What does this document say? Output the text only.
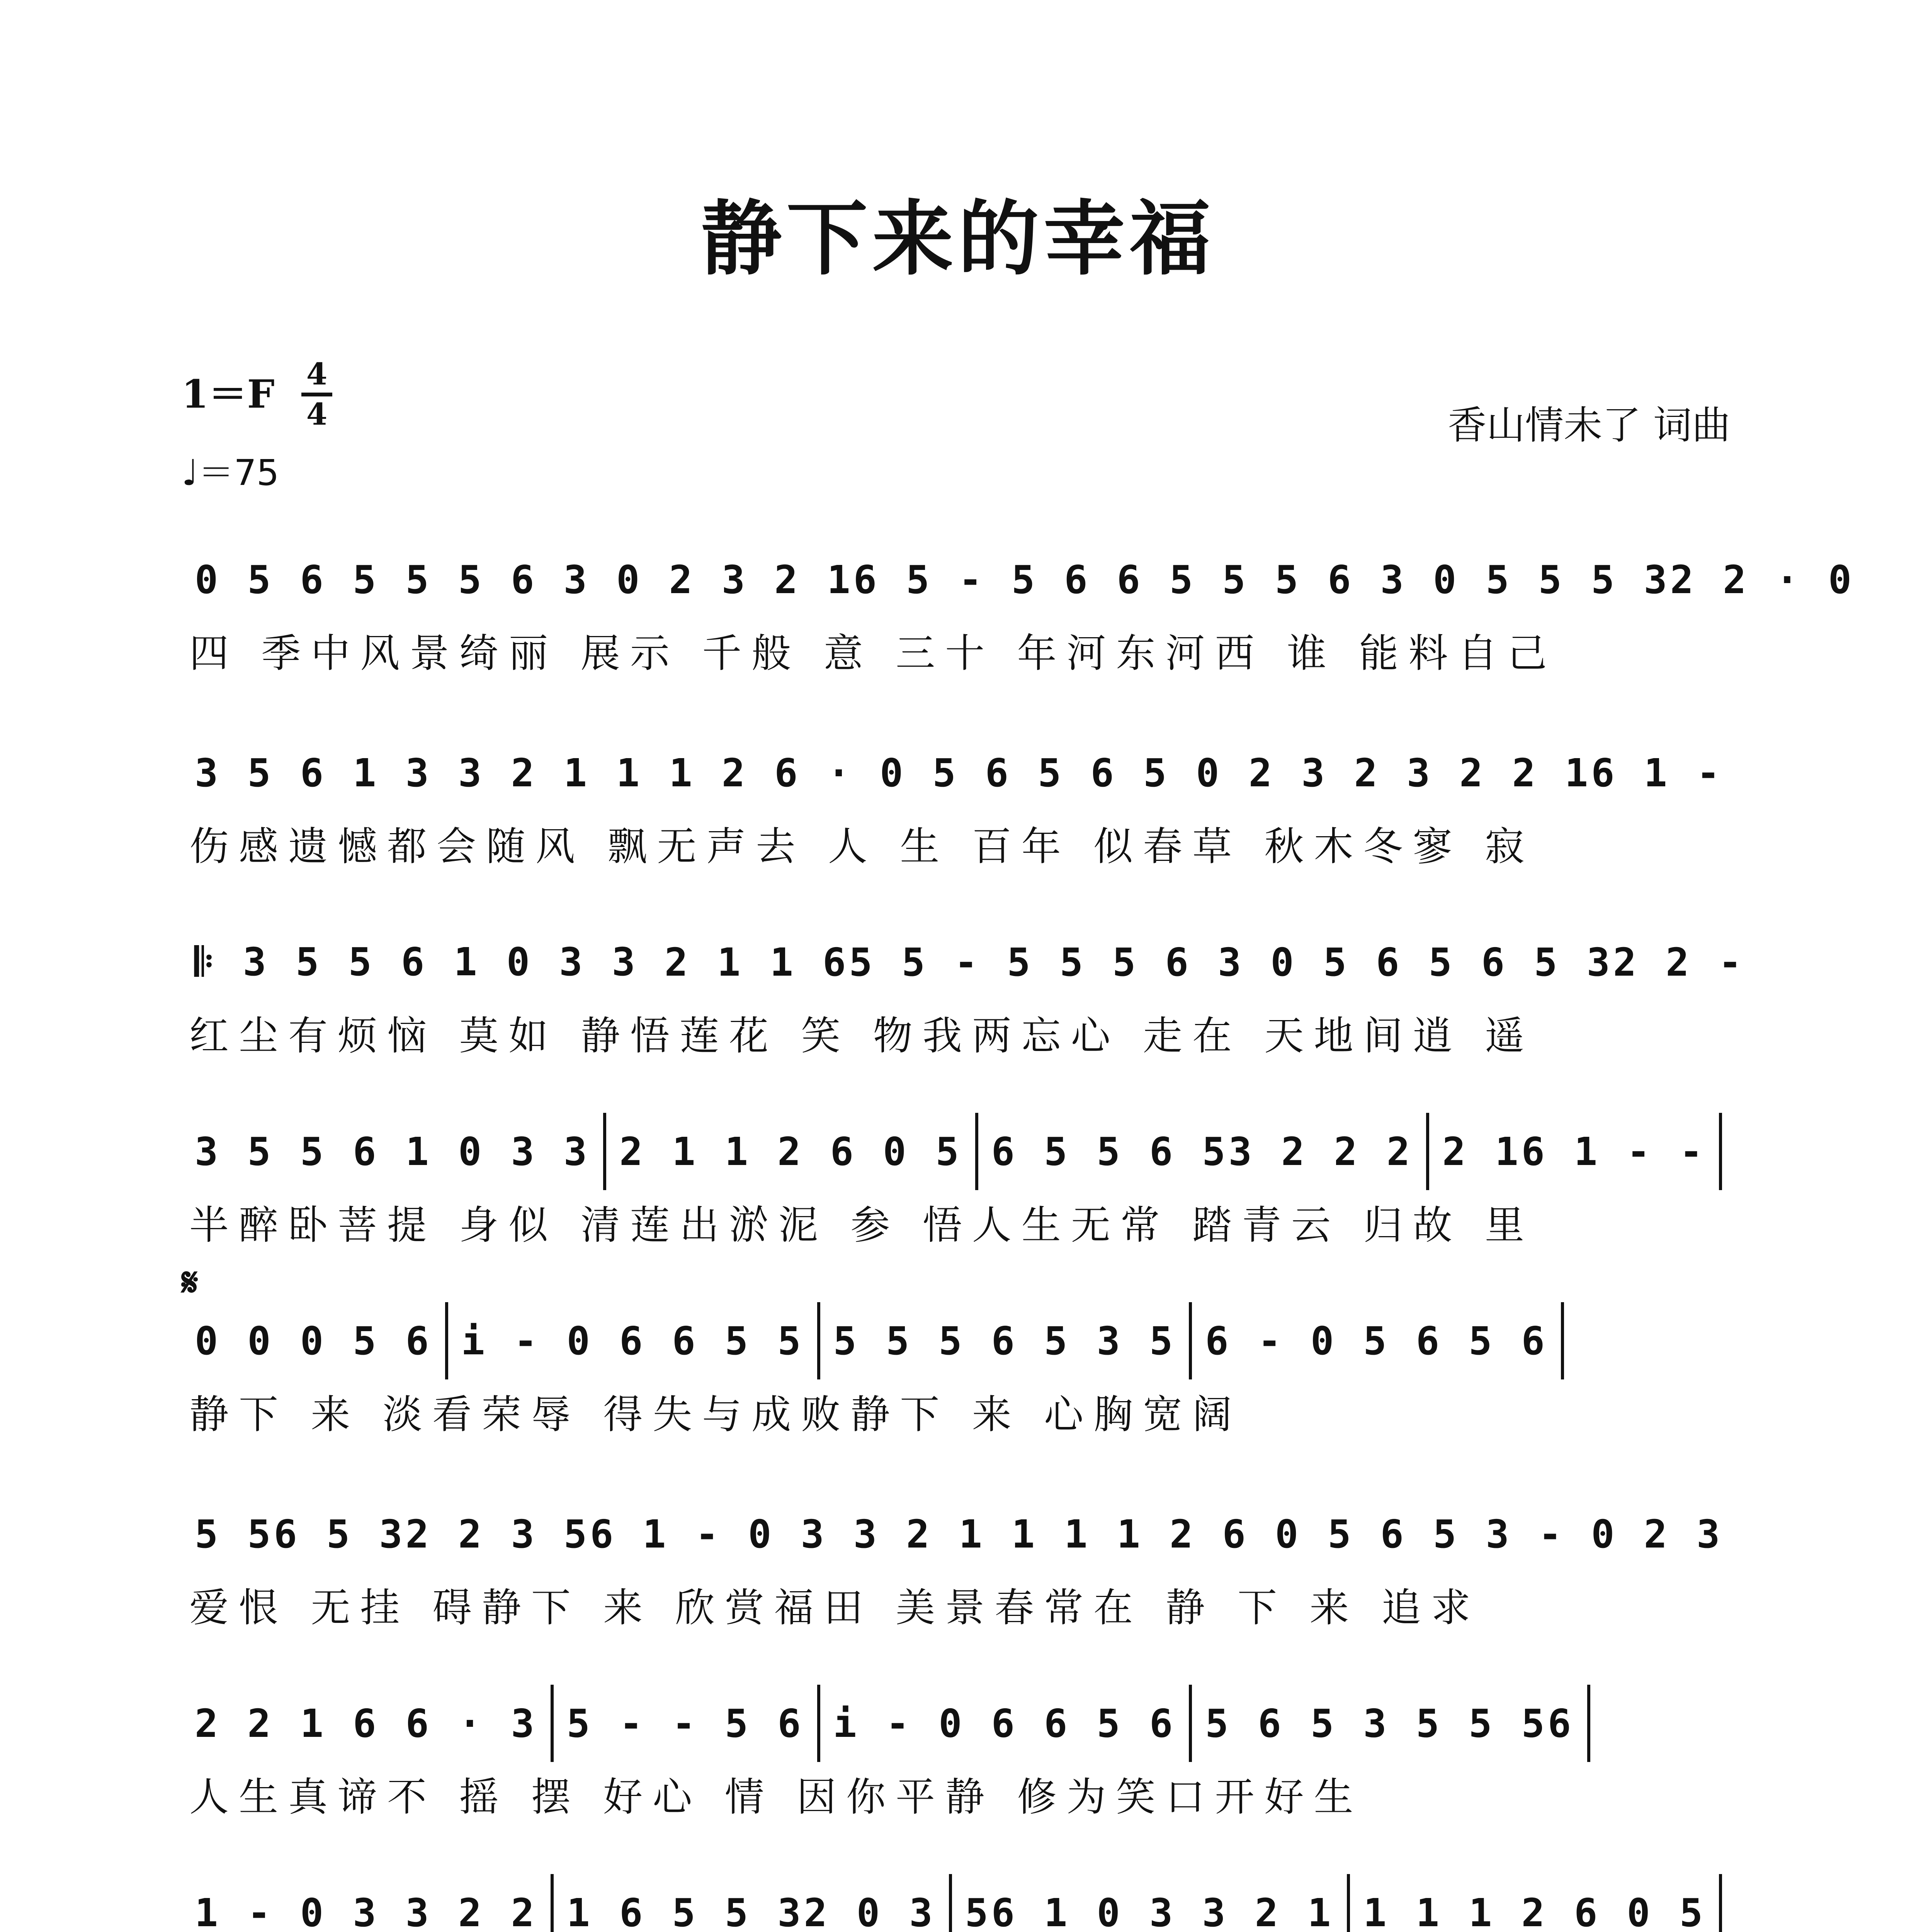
静下来的幸福
1＝F 4
4
♩＝75
香山情未了 词曲
0 5 6 5 5 5 6 3 0 2 3 2 16 5 - 5 6 6 5 5 5 6 3 0 5 5 5 32 2 · 0
四 季中风景绮丽 展示 千般 意 三十 年河东河西 谁 能料自己
3 5 6 1 3 3 2 1 1 1 2 6 · 0 5 6 5 6 5 0 2 3 2 3 2 2 16 1 -
伤感遗憾都会随风 飘无声去 人 生 百年 似春草 秋木冬寥 寂
𝄆 3 5 5 6 1 0 3 3 2 1 1 65 5 - 5 5 5 6 3 0 5 6 5 6 5 32 2 -
红尘有烦恼 莫如 静悟莲花 笑 物我两忘心 走在 天地间逍 遥
3 5 5 6 1 0 3 3 2 1 1 2 6 0 5 6 5 5 6 53 2 2 2 2 16 1 - -
半醉卧菩提 身似 清莲出淤泥 参 悟人生无常 踏青云 归故 里
0 0 0 5 6 i - 0 6 6 5 5 5 5 5 6 5 3 5 6 - 0 5 6 5 6
静下 来 淡看荣辱 得失与成败静下 来 心胸宽阔
5 56 5 32 2 3 56 1 - 0 3 3 2 1 1 1 1 2 6 0 5 6 5 3 - 0 2 3
爱恨 无挂 碍静下 来 欣赏福田 美景春常在 静 下 来 追求
2 2 1 6 6 · 3 5 - - 5 6 i - 0 6 6 5 6 5 6 5 3 5 5 56
人生真谛不 摇 摆 好心 情 因你平静 修为笑口开好生
1 - 0 3 3 2 2 1 6 5 5 32 0 3 56 1 0 3 3 2 1 1 1 1 2 6 0 5
𝄋
